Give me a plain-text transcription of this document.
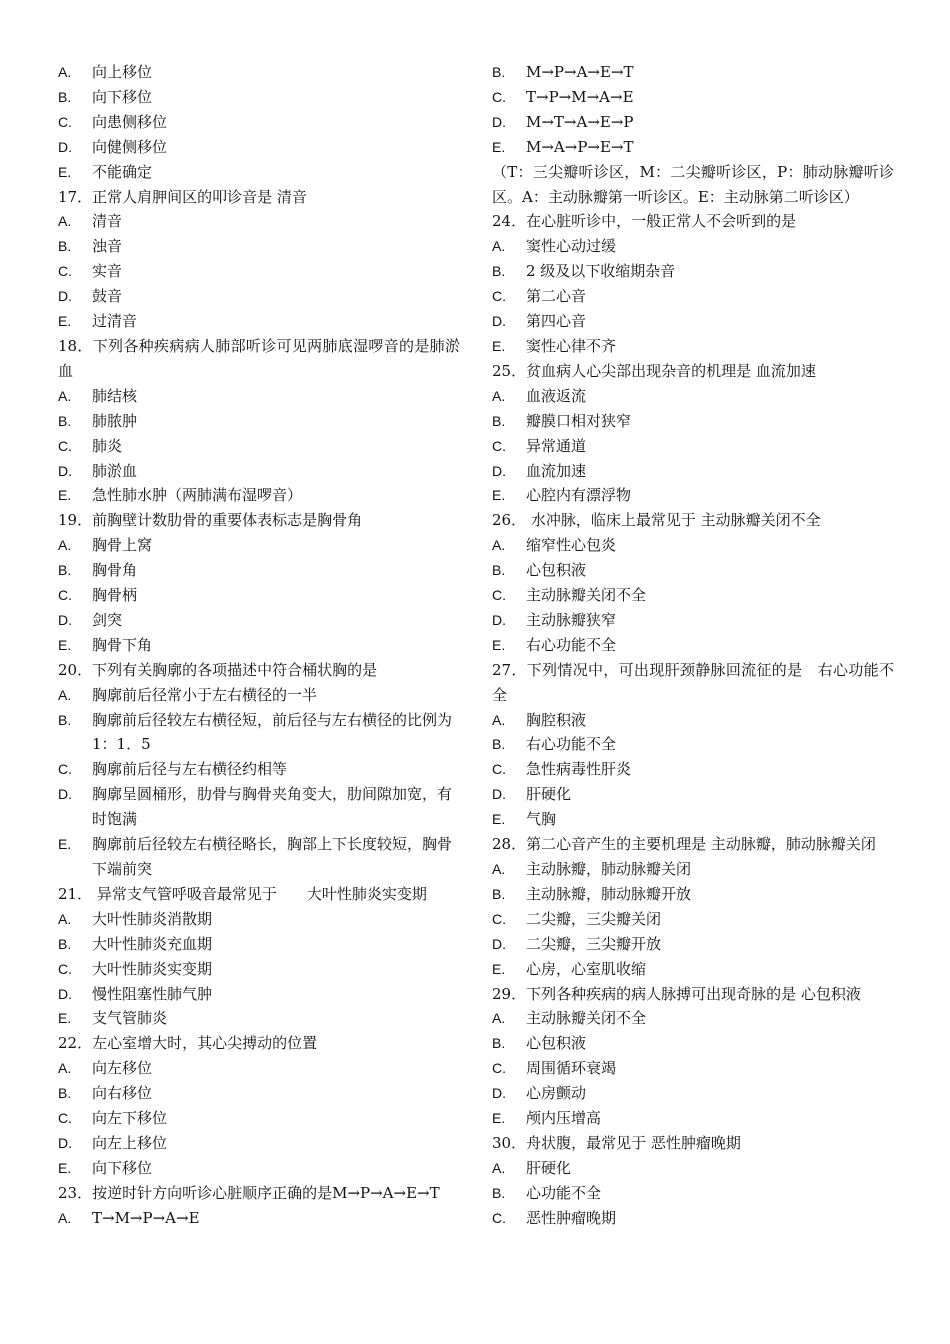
A.	向上移位
B.	向下移位
C.	向患侧移位
D.	向健侧移位
E.	不能确定
17．正常人肩胛间区的叩诊音是 清音
A.	清音
B.	浊音
C.	实音
D.	鼓音
E.	过清音
18．下列各种疾病病人肺部听诊可见两肺底湿啰音的是肺淤血
A.	肺结核
B.	肺脓肿
C.	肺炎
D.	肺淤血
E.	急性肺水肿（两肺满布湿啰音）
19．前胸壁计数肋骨的重要体表标志是胸骨角
A.	胸骨上窝
B.	胸骨角
C.	胸骨柄
D.	剑突
E.	胸骨下角
20．下列有关胸廓的各项描述中符合桶状胸的是
A.	胸廓前后径常小于左右横径的一半
B.	胸廓前后径较左右横径短，前后径与左右横径的比例为 1：1．5
C.	胸廓前后径与左右横径约相等
D.	胸廓呈圆桶形，肋骨与胸骨夹角变大，肋间隙加宽，有时饱满
E.	胸廓前后径较左右横径略长，胸部上下长度较短，胸骨下端前突
21． 异常支气管呼吸音最常见于　　大叶性肺炎实变期
A.	大叶性肺炎消散期
B.	大叶性肺炎充血期
C.	大叶性肺炎实变期
D.	慢性阻塞性肺气肿
E.	支气管肺炎
22．左心室增大时，其心尖搏动的位置
A.	向左移位
B.	向右移位
C.	向左下移位
D.	向左上移位
E.	向下移位
23．按逆时针方向听诊心脏顺序正确的是M→P→A→E→T
A.	T→M→P→A→E
B.	M→P→A→E→T
C.	T→P→M→A→E
D.	M→T→A→E→P
E.	M→A→P→E→T
（T：三尖瓣听诊区，M：二尖瓣听诊区，P：肺动脉瓣听诊区。A：主动脉瓣第一听诊区。E：主动脉第二听诊区）
24．在心脏听诊中，一般正常人不会听到的是
A.	窦性心动过缓
B.	2 级及以下收缩期杂音
C.	第二心音
D.	第四心音
E.	窦性心律不齐
25．贫血病人心尖部出现杂音的机理是 血流加速
A.	血液返流
B.	瓣膜口相对狭窄
C.	异常通道
D.	血流加速
E.	心腔内有漂浮物
26． 水冲脉，临床上最常见于 主动脉瓣关闭不全
A.	缩窄性心包炎
B.	心包积液
C.	主动脉瓣关闭不全
D.	主动脉瓣狭窄
E.	右心功能不全
27．下列情况中，可出现肝颈静脉回流征的是　右心功能不全
A.	胸腔积液
B.	右心功能不全
C.	急性病毒性肝炎
D.	肝硬化
E.	气胸
28．第二心音产生的主要机理是 主动脉瓣，肺动脉瓣关闭
A.	主动脉瓣，肺动脉瓣关闭
B.	主动脉瓣，肺动脉瓣开放
C.	二尖瓣，三尖瓣关闭
D.	二尖瓣，三尖瓣开放
E.	心房，心室肌收缩
29．下列各种疾病的病人脉搏可出现奇脉的是 心包积液
A.	主动脉瓣关闭不全
B.	心包积液
C.	周围循环衰竭
D.	心房颤动
E.	颅内压增高
30．舟状腹，最常见于 恶性肿瘤晚期
A.	肝硬化
B.	心功能不全
C.	恶性肿瘤晚期
